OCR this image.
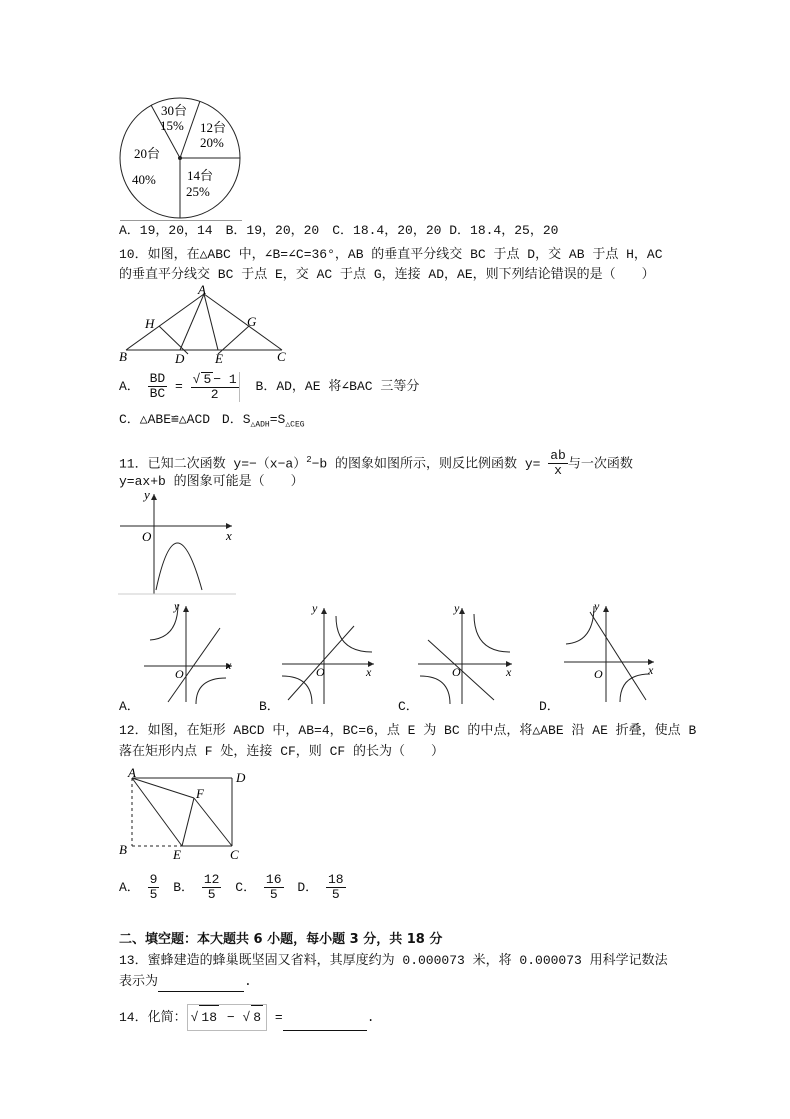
30台
15% 12台
20%
14台
25%
20台
40%
A．19，20，14　B．19，20，20　C．18.4，20，20 D．18.4，25，20
10．如图，在△ABC 中，∠B=∠C=36°，AB 的垂直平分线交 BC 于点 D，交 AB 于点 H，AC
的垂直平分线交 BC 于点 E，交 AC 于点 G，连接 AD，AE，则下列结论错误的是（　　）
A
B	C
D E
H	G
A． $\frac{BD}{BC} = \frac{√ 5 - 1}{2}$ B．AD，AE 将∠BAC 三等分
C．△ABE≌△ACD D．$S_{\triangle ADH}=S_{\triangle CEG}$
11．已知二次函数 $y=-(x-a)^2-b$ 的图象如图所示，则反比例函数 $y= \frac{ab}{x}$ 与一次函数
y=ax+b 的图象可能是（　　）
x
y
O
x
y
O	x
y
O	x
y
O	x
y
O
A．	B．	C．	D．
12．如图，在矩形 ABCD 中，AB=4，BC=6，点 E 为 BC 的中点，将△ABE 沿 AE 折叠，使点 B
落在矩形内点 F 处，连接 CF，则 CF 的长为（　　）
A	D
B	E	C
F
A． $\frac{9}{5}$ B． $\frac{12}{5}$ C． $\frac{16}{5}$ D． $\frac{18}{5}$
二、填空题：本大题共 6 小题，每小题 3 分，共 18 分
13．蜜蜂建造的蜂巢既坚固又省料，其厚度约为 0.000073 米，将 0.000073 用科学记数法
表示为	.
14．化简： √ 18 − √ 8 =	.
